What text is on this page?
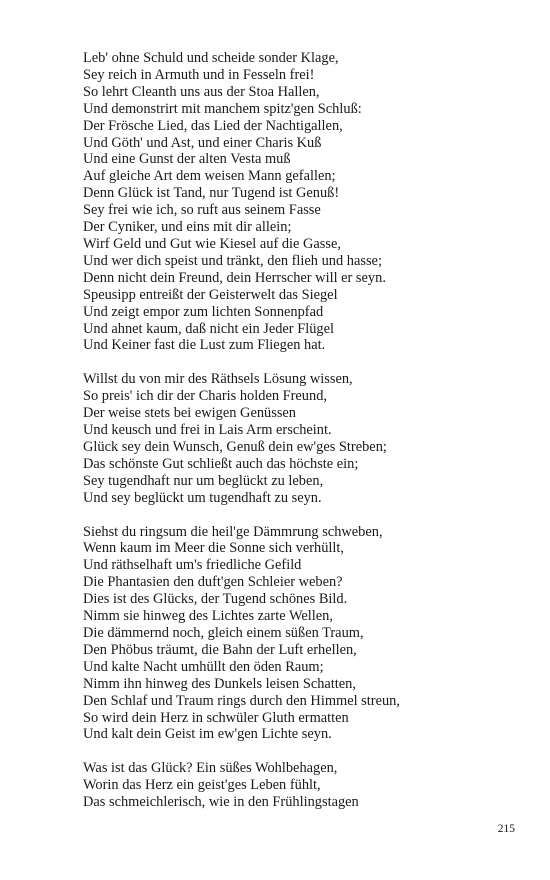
Leb' ohne Schuld und scheide sonder Klage,
Sey reich in Armuth und in Fesseln frei!
So lehrt Cleanth uns aus der Stoa Hallen,
Und demonstrirt mit manchem spitz'gen Schluß:
Der Frösche Lied, das Lied der Nachtigallen,
Und Göth' und Ast, und einer Charis Kuß
Und eine Gunst der alten Vesta muß
Auf gleiche Art dem weisen Mann gefallen;
Denn Glück ist Tand, nur Tugend ist Genuß!
Sey frei wie ich, so ruft aus seinem Fasse
Der Cyniker, und eins mit dir allein;
Wirf Geld und Gut wie Kiesel auf die Gasse,
Und wer dich speist und tränkt, den flieh und hasse;
Denn nicht dein Freund, dein Herrscher will er seyn.
Speusipp entreißt der Geisterwelt das Siegel
Und zeigt empor zum lichten Sonnenpfad
Und ahnet kaum, daß nicht ein Jeder Flügel
Und Keiner fast die Lust zum Fliegen hat.
Willst du von mir des Räthsels Lösung wissen,
So preis' ich dir der Charis holden Freund,
Der weise stets bei ewigen Genüssen
Und keusch und frei in Lais Arm erscheint.
Glück sey dein Wunsch, Genuß dein ew'ges Streben;
Das schönste Gut schließt auch das höchste ein;
Sey tugendhaft nur um beglückt zu leben,
Und sey beglückt um tugendhaft zu seyn.
Siehst du ringsum die heil'ge Dämmrung schweben,
Wenn kaum im Meer die Sonne sich verhüllt,
Und räthselhaft um's friedliche Gefild
Die Phantasien den duft'gen Schleier weben?
Dies ist des Glücks, der Tugend schönes Bild.
Nimm sie hinweg des Lichtes zarte Wellen,
Die dämmernd noch, gleich einem süßen Traum,
Den Phöbus träumt, die Bahn der Luft erhellen,
Und kalte Nacht umhüllt den öden Raum;
Nimm ihn hinweg des Dunkels leisen Schatten,
Den Schlaf und Traum rings durch den Himmel streun,
So wird dein Herz in schwüler Gluth ermatten
Und kalt dein Geist im ew'gen Lichte seyn.
Was ist das Glück? Ein süßes Wohlbehagen,
Worin das Herz ein geist'ges Leben fühlt,
Das schmeichlerisch, wie in den Frühlingstagen
215
